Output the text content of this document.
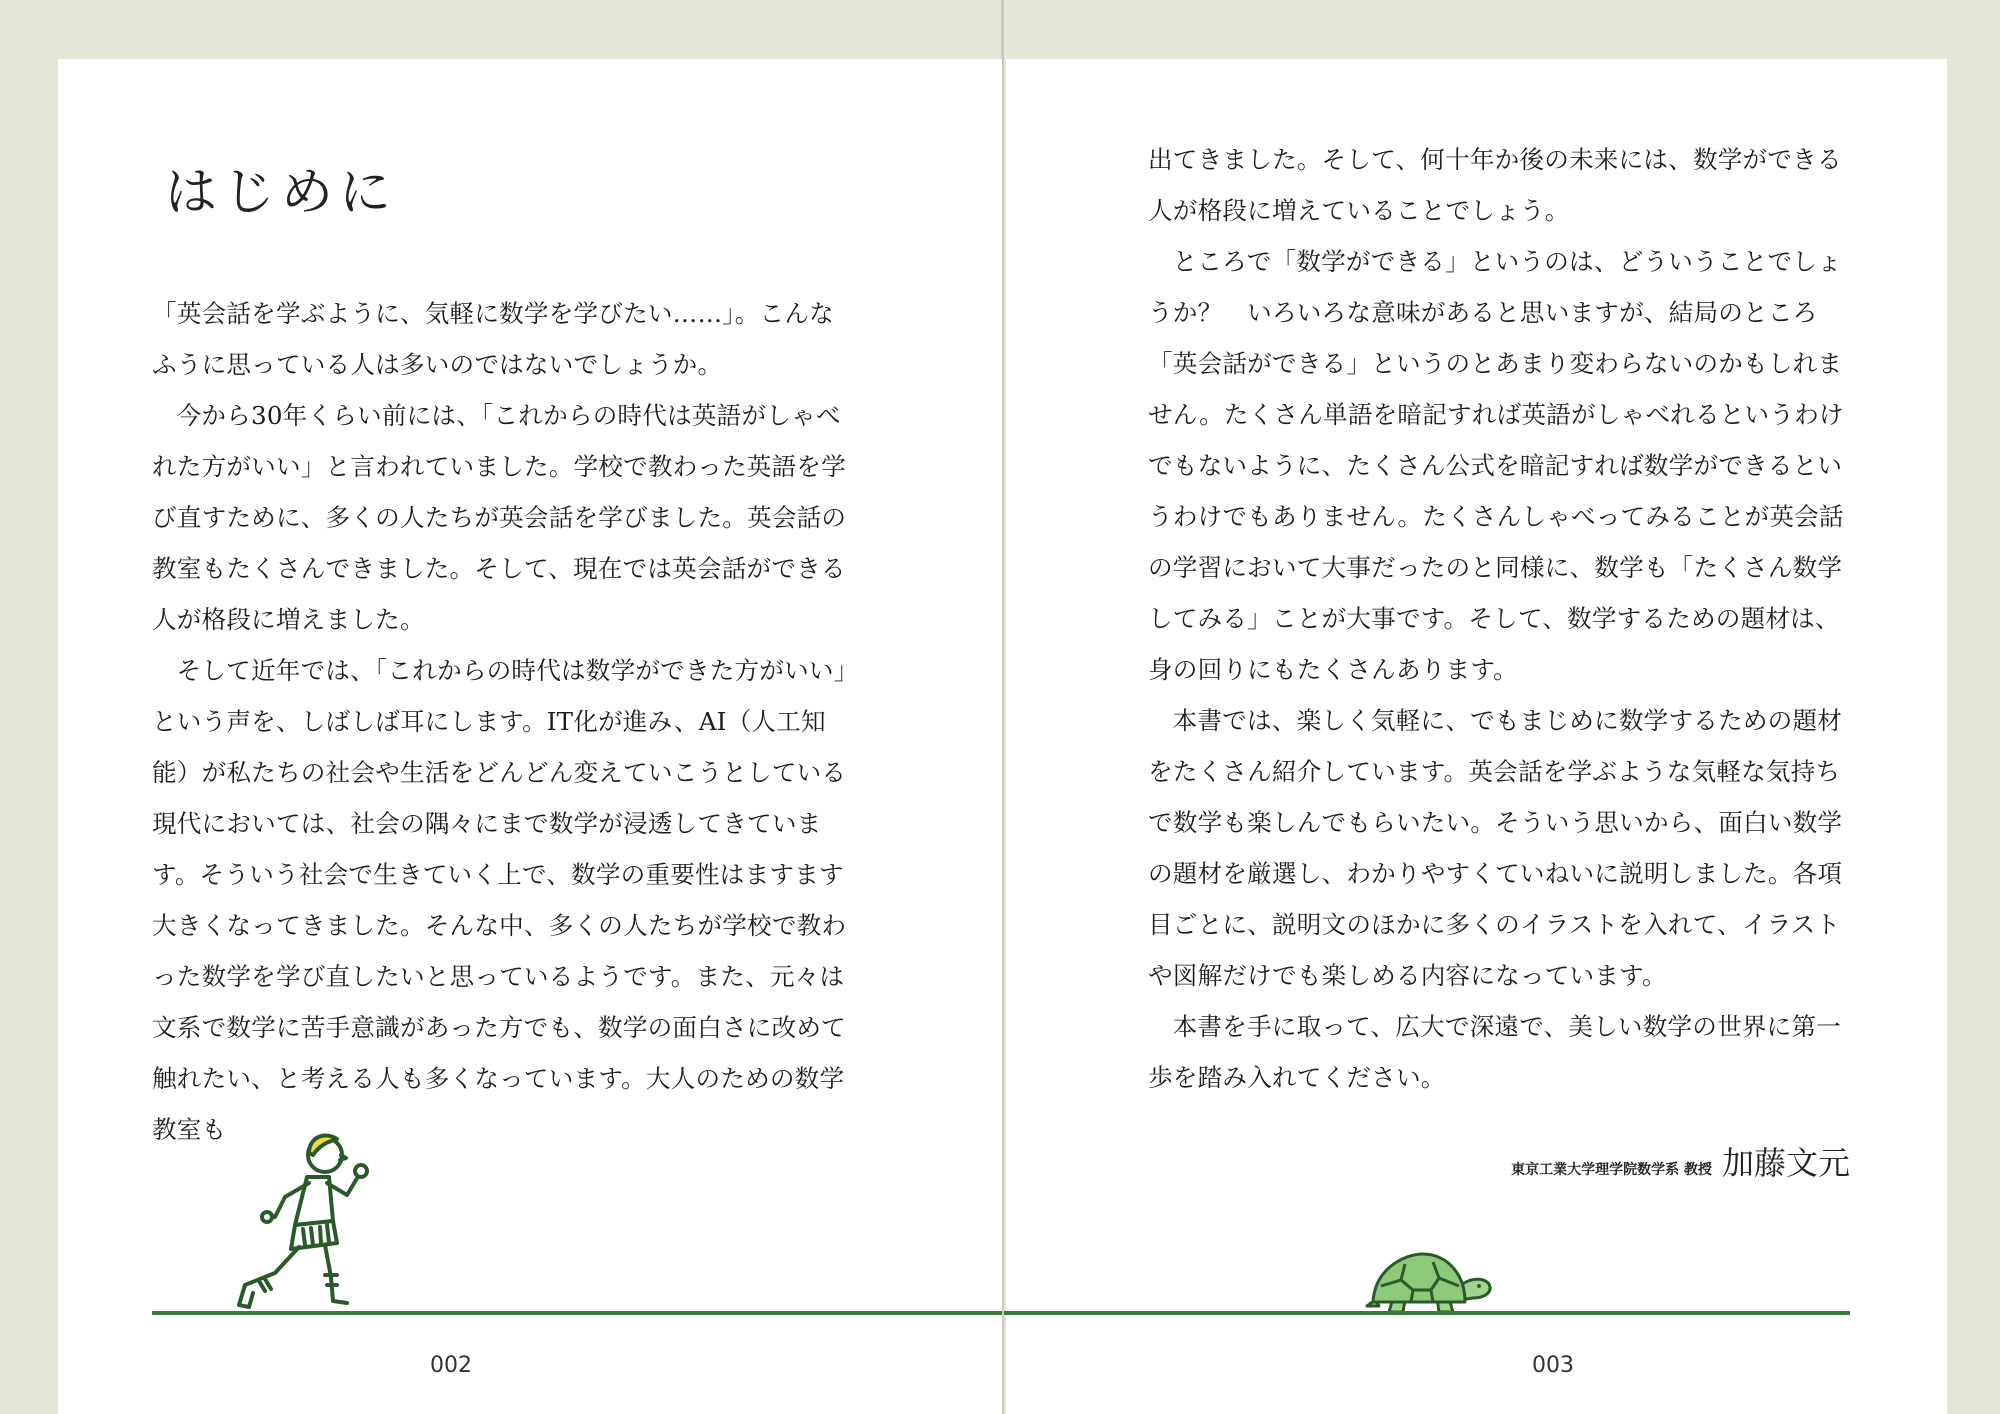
はじめに

「英会話を学ぶように、気軽に数学を学びたい……」。こんなふうに思っている人は多いのではないでしょうか。

今から30年くらい前には、「これからの時代は英語がしゃべれた方がいい」と言われていました。学校で教わった英語を学び直すために、多くの人たちが英会話を学びました。英会話の教室もたくさんできました。そして、現在では英会話ができる人が格段に増えました。

そして近年では、「これからの時代は数学ができた方がいい」という声を、しばしば耳にします。IT化が進み、AI（人工知能）が私たちの社会や生活をどんどん変えていこうとしている現代においては、社会の隅々にまで数学が浸透してきています。そういう社会で生きていく上で、数学の重要性はますます大きくなってきました。そんな中、多くの人たちが学校で教わった数学を学び直したいと思っているようです。また、元々は文系で数学に苦手意識があった方でも、数学の面白さに改めて触れたい、と考える人も多くなっています。大人のための数学教室も

002

出てきました。そして、何十年か後の未来には、数学ができる人が格段に増えていることでしょう。

ところで「数学ができる」というのは、どういうことでしょうか？　いろいろな意味があると思いますが、結局のところ「英会話ができる」というのとあまり変わらないのかもしれません。たくさん単語を暗記すれば英語がしゃべれるというわけでもないように、たくさん公式を暗記すれば数学ができるというわけでもありません。たくさんしゃべってみることが英会話の学習において大事だったのと同様に、数学も「たくさん数学してみる」ことが大事です。そして、数学するための題材は、身の回りにもたくさんあります。

本書では、楽しく気軽に、でもまじめに数学するための題材をたくさん紹介しています。英会話を学ぶような気軽な気持ちで数学も楽しんでもらいたい。そういう思いから、面白い数学の題材を厳選し、わかりやすくていねいに説明しました。各項目ごとに、説明文のほかに多くのイラストを入れて、イラストや図解だけでも楽しめる内容になっています。

本書を手に取って、広大で深遠で、美しい数学の世界に第一歩を踏み入れてください。

東京工業大学理学院数学系 教授 加藤文元
003
